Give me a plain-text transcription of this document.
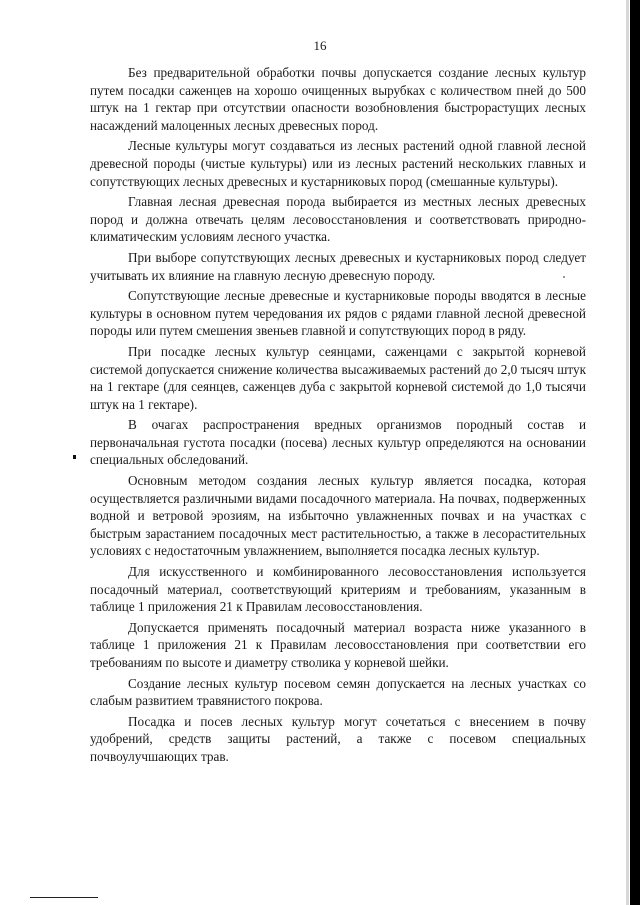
16

Без предварительной обработки почвы допускается создание лесных культур путем посадки саженцев на хорошо очищенных вырубках с количеством пней до 500 штук на 1 гектар при отсутствии опасности возобновления быстрорастущих лесных насаждений малоценных лесных древесных пород.

Лесные культуры могут создаваться из лесных растений одной главной лесной древесной породы (чистые культуры) или из лесных растений нескольких главных и сопутствующих лесных древесных и кустарниковых пород (смешанные культуры).

Главная лесная древесная порода выбирается из местных лесных древесных пород и должна отвечать целям лесовосстановления и соответствовать природно-климатическим условиям лесного участка.

При выборе сопутствующих лесных древесных и кустарниковых пород следует учитывать их влияние на главную лесную древесную породу.

Сопутствующие лесные древесные и кустарниковые породы вводятся в лесные культуры в основном путем чередования их рядов с рядами главной лесной древесной породы или путем смешения звеньев главной и сопутствующих пород в ряду.

При посадке лесных культур сеянцами, саженцами с закрытой корневой системой допускается снижение количества высаживаемых растений до 2,0 тысяч штук на 1 гектаре (для сеянцев, саженцев дуба с закрытой корневой системой до 1,0 тысячи штук на 1 гектаре).

В очагах распространения вредных организмов породный состав и первоначальная густота посадки (посева) лесных культур определяются на основании специальных обследований.

Основным методом создания лесных культур является посадка, которая осуществляется различными видами посадочного материала. На почвах, подверженных водной и ветровой эрозиям, на избыточно увлажненных почвах и на участках с быстрым зарастанием посадочных мест растительностью, а также в лесорастительных условиях с недостаточным увлажнением, выполняется посадка лесных культур.

Для искусственного и комбинированного лесовосстановления используется посадочный материал, соответствующий критериям и требованиям, указанным в таблице 1 приложения 21 к Правилам лесовосстановления.

Допускается применять посадочный материал возраста ниже указанного в таблице 1 приложения 21 к Правилам лесовосстановления при соответствии его требованиям по высоте и диаметру стволика у корневой шейки.

Создание лесных культур посевом семян допускается на лесных участках со слабым развитием травянистого покрова.

Посадка и посев лесных культур могут сочетаться с внесением в почву удобрений, средств защиты растений, а также с посевом специальных почвоулучшающих трав.
